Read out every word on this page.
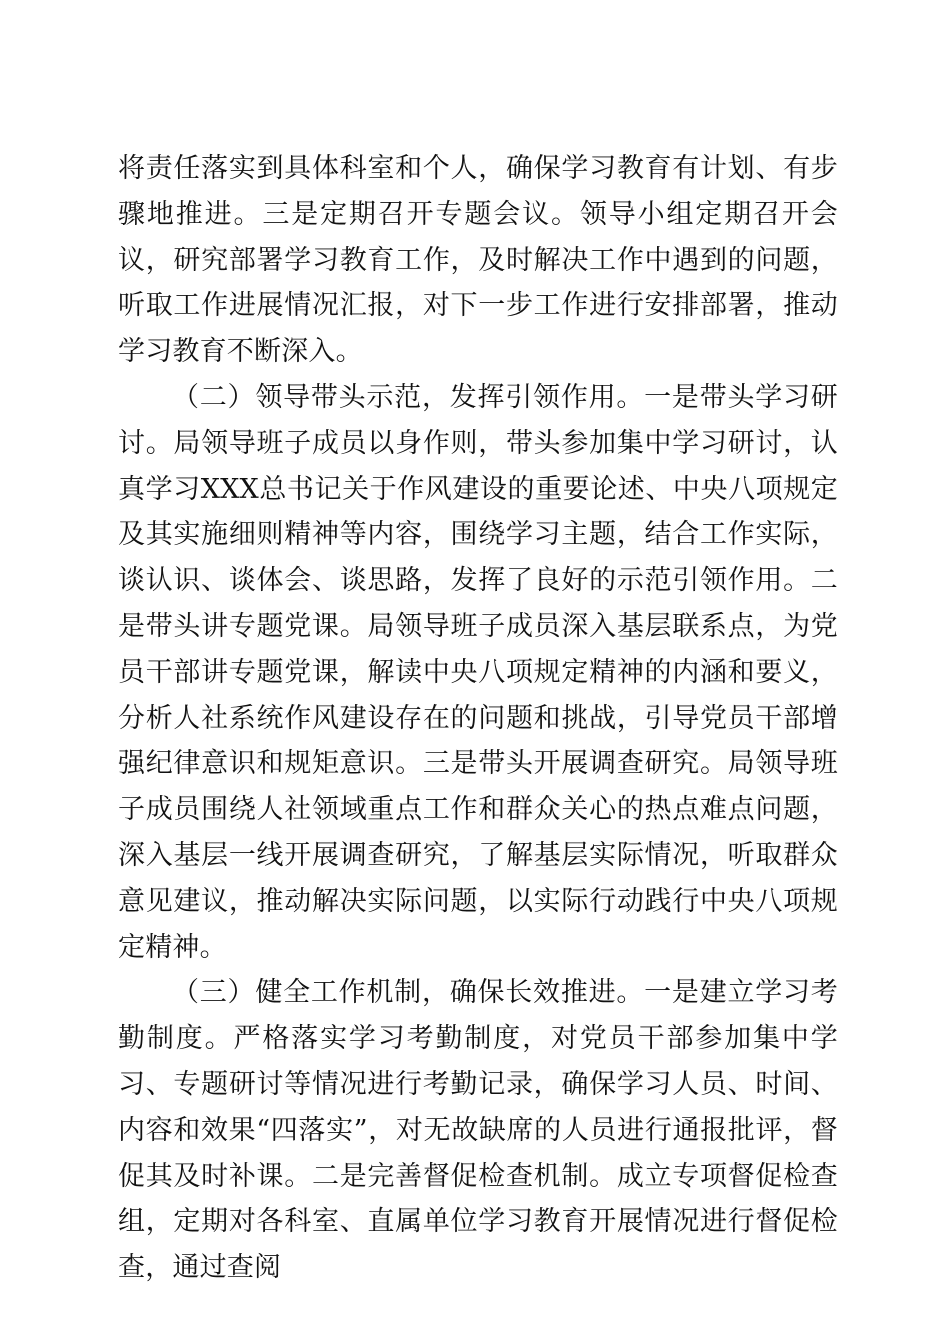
将责任落实到具体科室和个人，确保学习教育有计划、有步骤地推进。三是定期召开专题会议。领导小组定期召开会议，研究部署学习教育工作，及时解决工作中遇到的问题，听取工作进展情况汇报，对下一步工作进行安排部署，推动学习教育不断深入。

（二）领导带头示范，发挥引领作用。一是带头学习研讨。局领导班子成员以身作则，带头参加集中学习研讨，认真学习XXX总书记关于作风建设的重要论述、中央八项规定及其实施细则精神等内容，围绕学习主题，结合工作实际，谈认识、谈体会、谈思路，发挥了良好的示范引领作用。二是带头讲专题党课。局领导班子成员深入基层联系点，为党员干部讲专题党课，解读中央八项规定精神的内涵和要义，分析人社系统作风建设存在的问题和挑战，引导党员干部增强纪律意识和规矩意识。三是带头开展调查研究。局领导班子成员围绕人社领域重点工作和群众关心的热点难点问题，深入基层一线开展调查研究，了解基层实际情况，听取群众意见建议，推动解决实际问题，以实际行动践行中央八项规定精神。

（三）健全工作机制，确保长效推进。一是建立学习考勤制度。严格落实学习考勤制度，对党员干部参加集中学习、专题研讨等情况进行考勤记录，确保学习人员、时间、内容和效果“四落实”，对无故缺席的人员进行通报批评，督促其及时补课。二是完善督促检查机制。成立专项督促检查组，定期对各科室、直属单位学习教育开展情况进行督促检查，通过查阅
